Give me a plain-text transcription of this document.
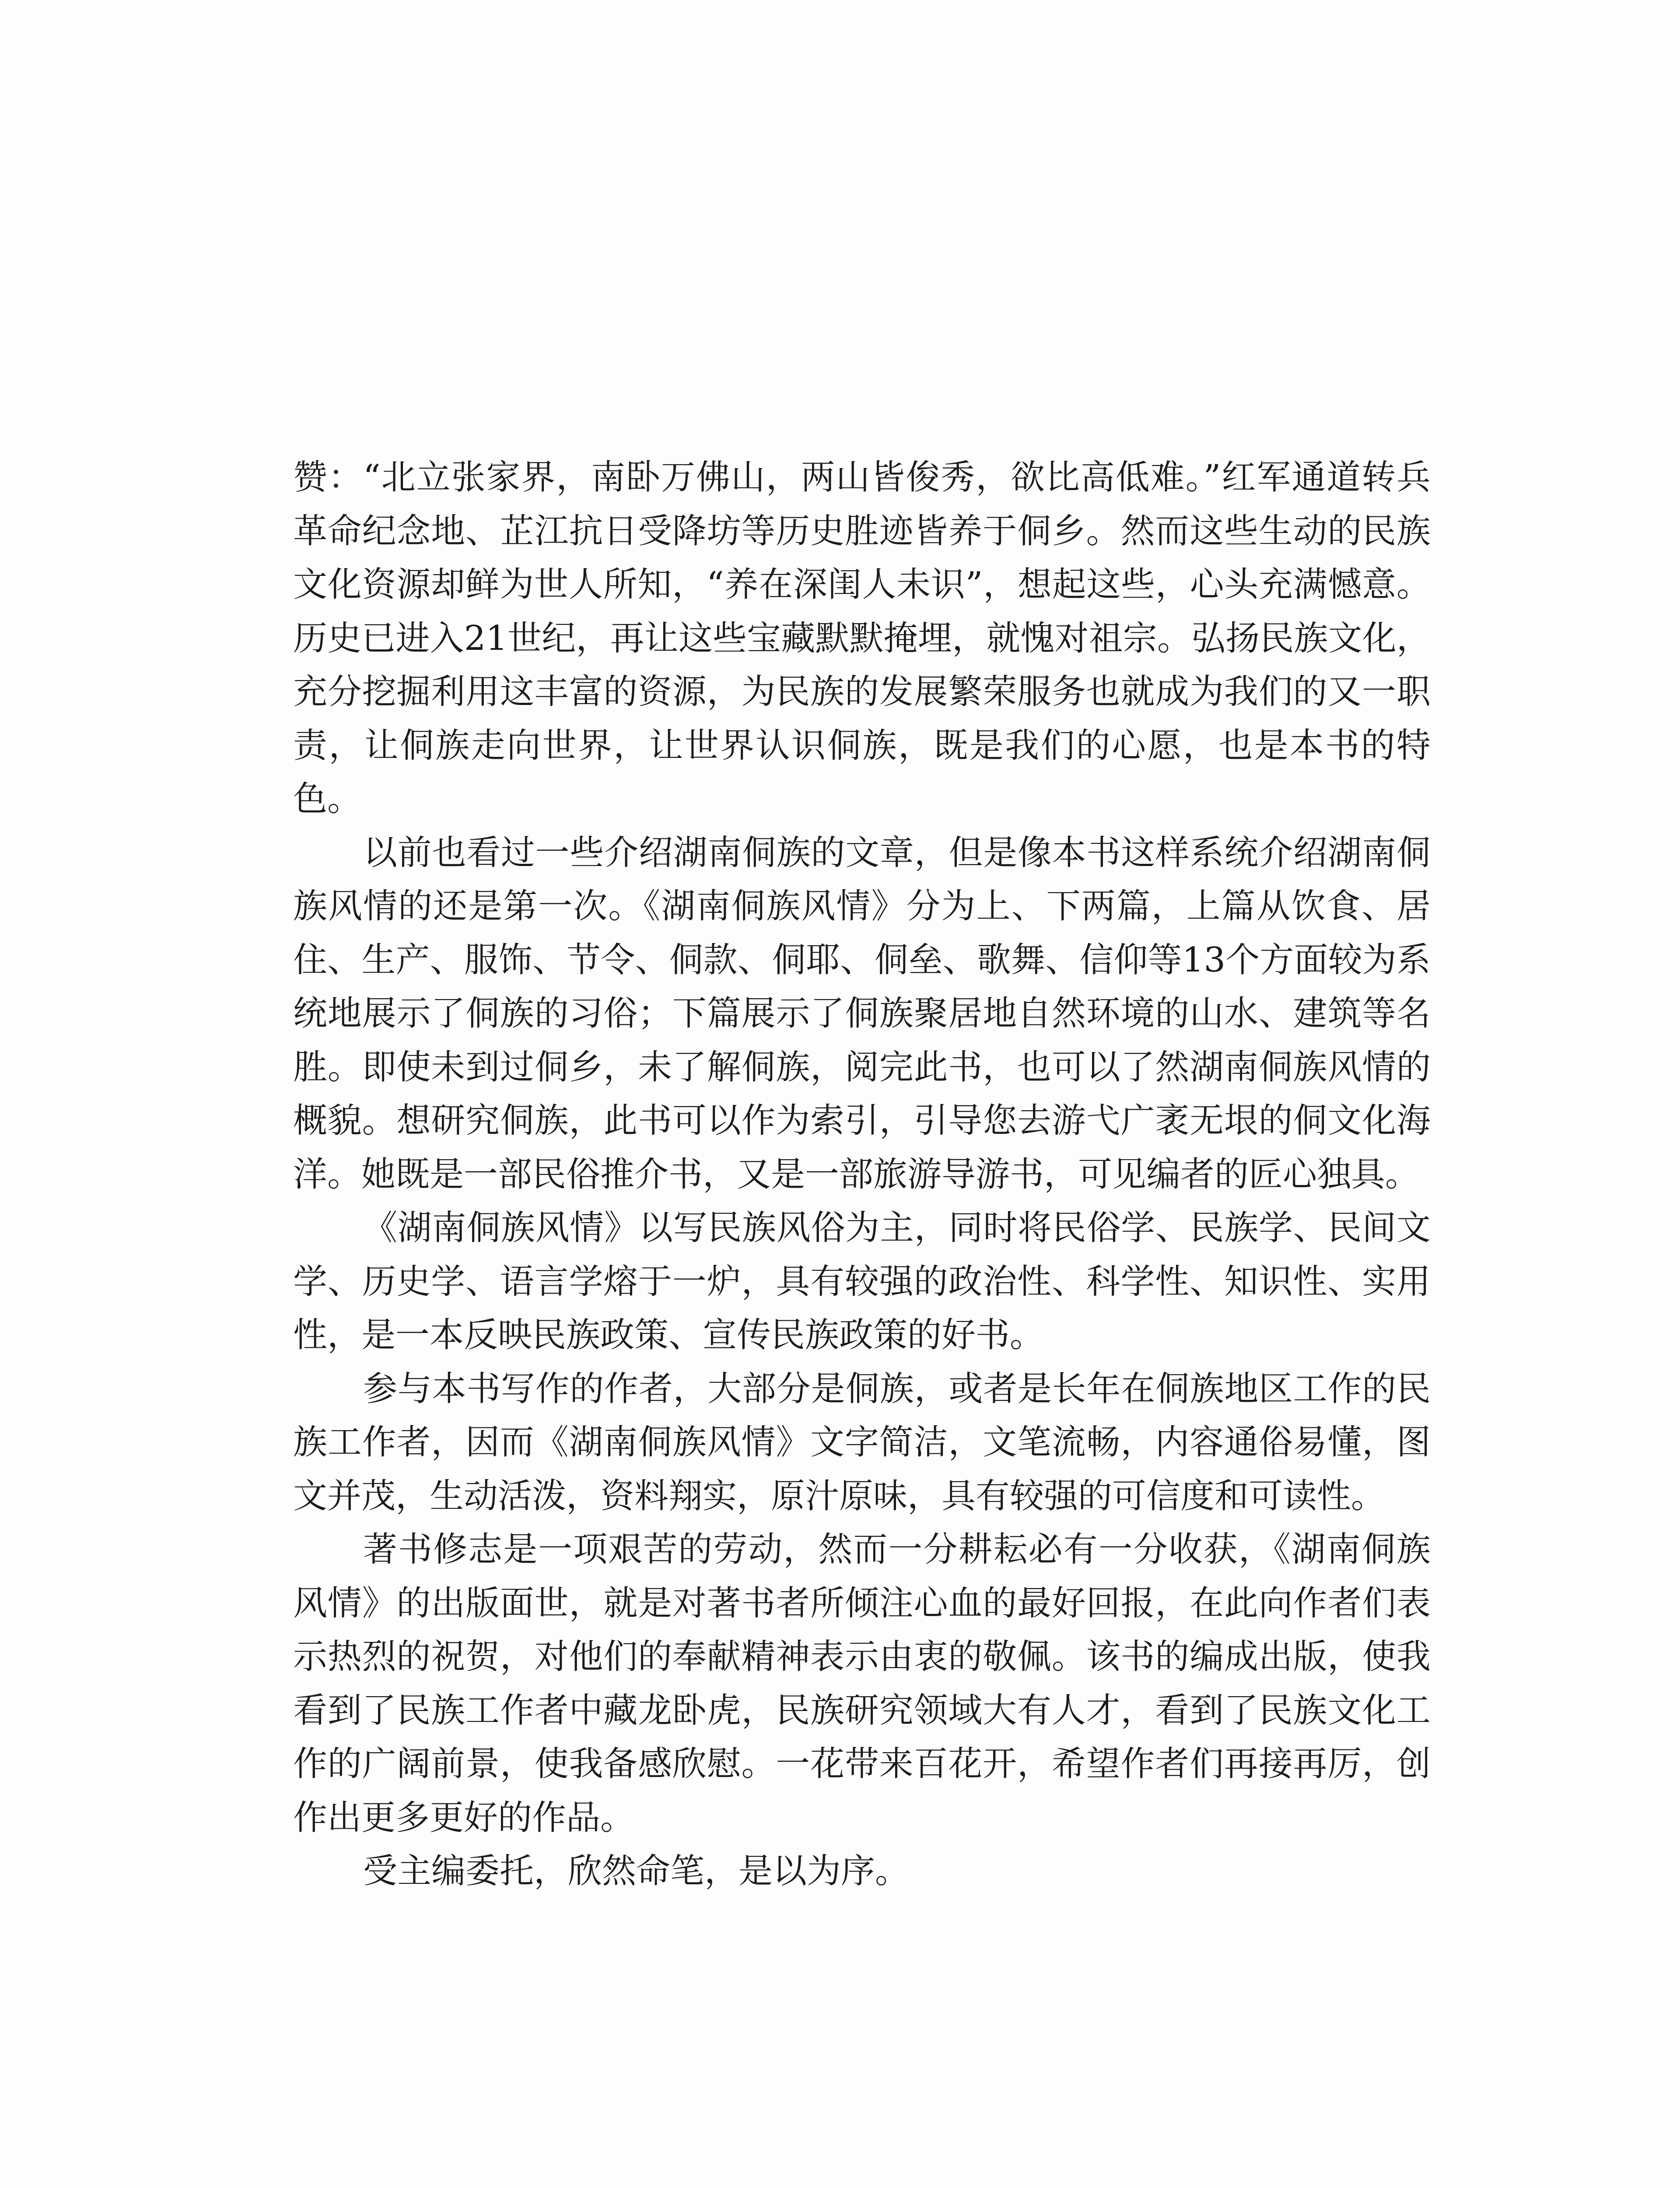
赞：“北立张家界，南卧万佛山，两山皆俊秀，欲比高低难。”红军通道转兵革命纪念地、芷江抗日受降坊等历史胜迹皆养于侗乡。然而这些生动的民族文化资源却鲜为世人所知，“养在深闺人未识”，想起这些，心头充满憾意。历史已进入21世纪，再让这些宝藏默默掩埋，就愧对祖宗。弘扬民族文化，充分挖掘利用这丰富的资源，为民族的发展繁荣服务也就成为我们的又一职责，让侗族走向世界，让世界认识侗族，既是我们的心愿，也是本书的特色。

以前也看过一些介绍湖南侗族的文章，但是像本书这样系统介绍湖南侗族风情的还是第一次。《湖南侗族风情》分为上、下两篇，上篇从饮食、居住、生产、服饰、节令、侗款、侗耶、侗垒、歌舞、信仰等13个方面较为系统地展示了侗族的习俗；下篇展示了侗族聚居地自然环境的山水、建筑等名胜。即使未到过侗乡，未了解侗族，阅完此书，也可以了然湖南侗族风情的概貌。想研究侗族，此书可以作为索引，引导您去游弋广袤无垠的侗文化海洋。她既是一部民俗推介书，又是一部旅游导游书，可见编者的匠心独具。

《湖南侗族风情》以写民族风俗为主，同时将民俗学、民族学、民间文学、历史学、语言学熔于一炉，具有较强的政治性、科学性、知识性、实用性，是一本反映民族政策、宣传民族政策的好书。

参与本书写作的作者，大部分是侗族，或者是长年在侗族地区工作的民族工作者，因而《湖南侗族风情》文字简洁，文笔流畅，内容通俗易懂，图文并茂，生动活泼，资料翔实，原汁原味，具有较强的可信度和可读性。

著书修志是一项艰苦的劳动，然而一分耕耘必有一分收获，《湖南侗族风情》的出版面世，就是对著书者所倾注心血的最好回报，在此向作者们表示热烈的祝贺，对他们的奉献精神表示由衷的敬佩。该书的编成出版，使我看到了民族工作者中藏龙卧虎，民族研究领域大有人才，看到了民族文化工作的广阔前景，使我备感欣慰。一花带来百花开，希望作者们再接再厉，创作出更多更好的作品。

受主编委托，欣然命笔，是以为序。
